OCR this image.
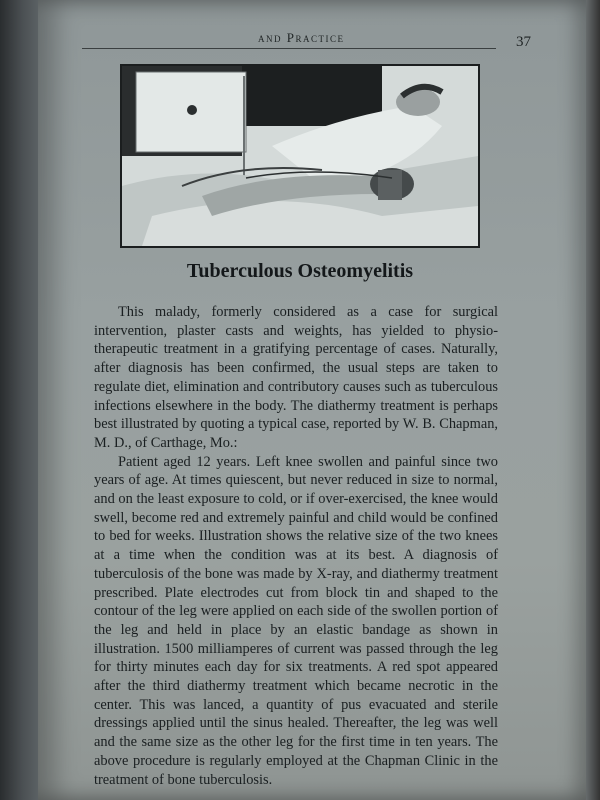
and Practice	37
Tuberculous Osteomyelitis

This malady, formerly considered as a case for surgical intervention, plaster casts and weights, has yielded to physio-therapeutic treatment in a gratifying percentage of cases. Naturally, after diagnosis has been confirmed, the usual steps are taken to regulate diet, elimination and contributory causes such as tuberculous infections elsewhere in the body. The diathermy treatment is perhaps best illustrated by quoting a typical case, reported by W. B. Chapman, M. D., of Carthage, Mo.:

Patient aged 12 years. Left knee swollen and painful since two years of age. At times quiescent, but never reduced in size to normal, and on the least exposure to cold, or if over-exercised, the knee would swell, become red and extremely painful and child would be confined to bed for weeks. Illustration shows the relative size of the two knees at a time when the condition was at its best. A diagnosis of tuberculosis of the bone was made by X-ray, and diathermy treatment prescribed. Plate electrodes cut from block tin and shaped to the contour of the leg were applied on each side of the swollen portion of the leg and held in place by an elastic bandage as shown in illustration. 1500 milliamperes of current was passed through the leg for thirty minutes each day for six treatments. A red spot appeared after the third diathermy treatment which became necrotic in the center. This was lanced, a quantity of pus evacuated and sterile dressings applied until the sinus healed. Thereafter, the leg was well and the same size as the other leg for the first time in ten years. The above procedure is regularly employed at the Chapman Clinic in the treatment of bone tuberculosis.
